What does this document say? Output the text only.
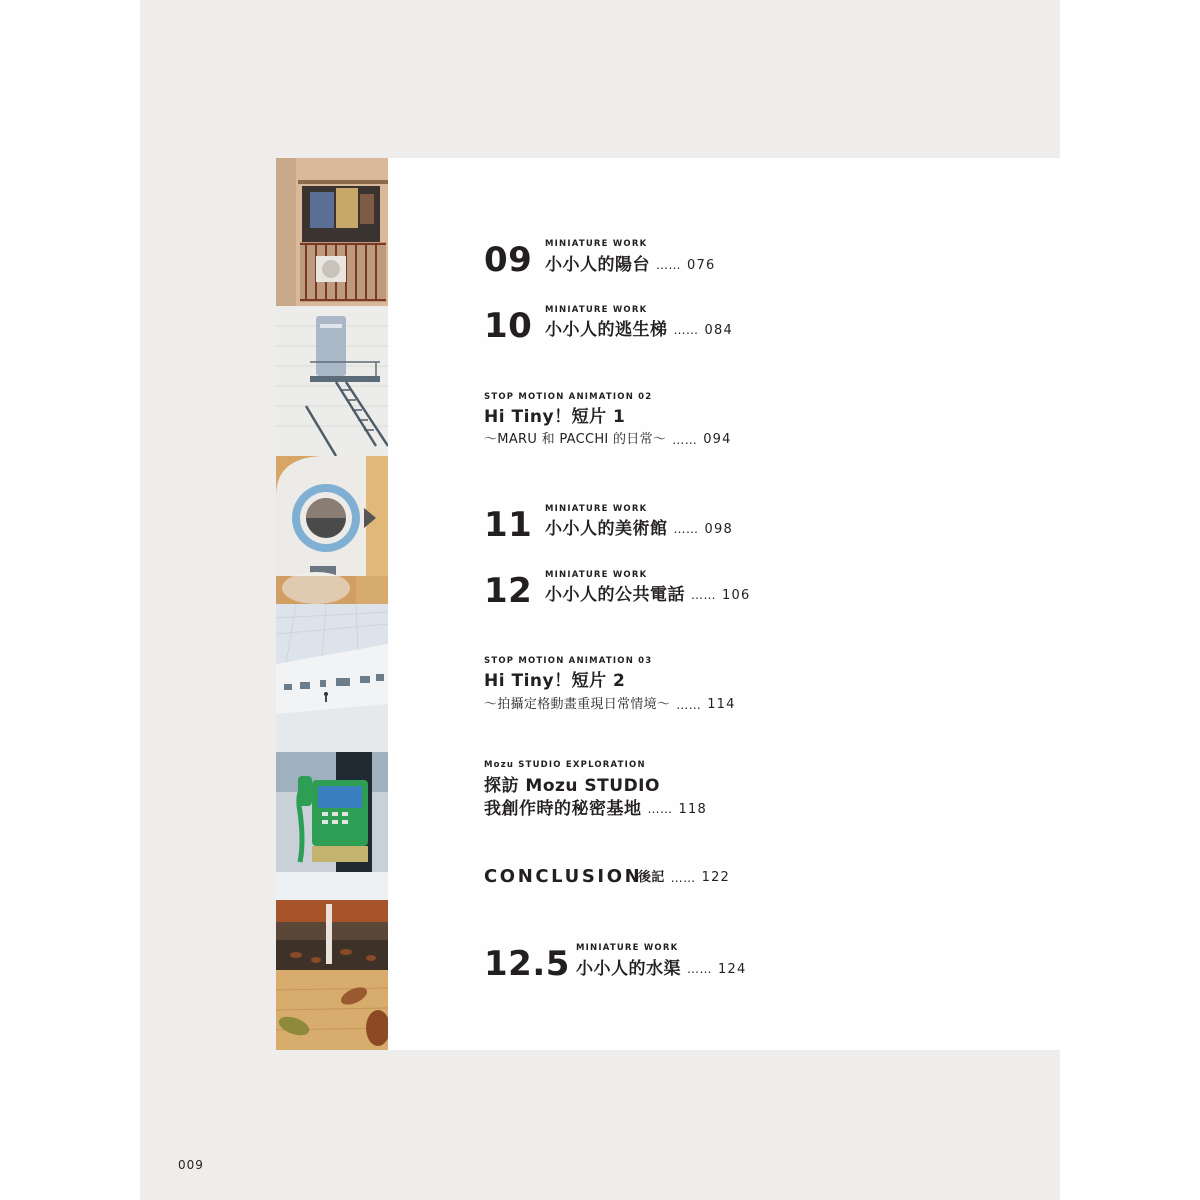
09 MINIATURE WORK
小小人的陽台 …… 076
10 MINIATURE WORK
小小人的逃生梯 …… 084
STOP MOTION ANIMATION 02
Hi Tiny！短片 1
～MARU 和 PACCHI 的日常～ …… 094
11 MINIATURE WORK
小小人的美術館 …… 098
12 MINIATURE WORK
小小人的公共電話 …… 106
STOP MOTION ANIMATION 03
Hi Tiny！短片 2
～拍攝定格動畫重現日常情境～ …… 114
Mozu STUDIO EXPLORATION
探訪 Mozu STUDIO
我創作時的秘密基地 …… 118
CONCLUSION
後記 …… 122
12.5 MINIATURE WORK
小小人的水渠 …… 124
009
